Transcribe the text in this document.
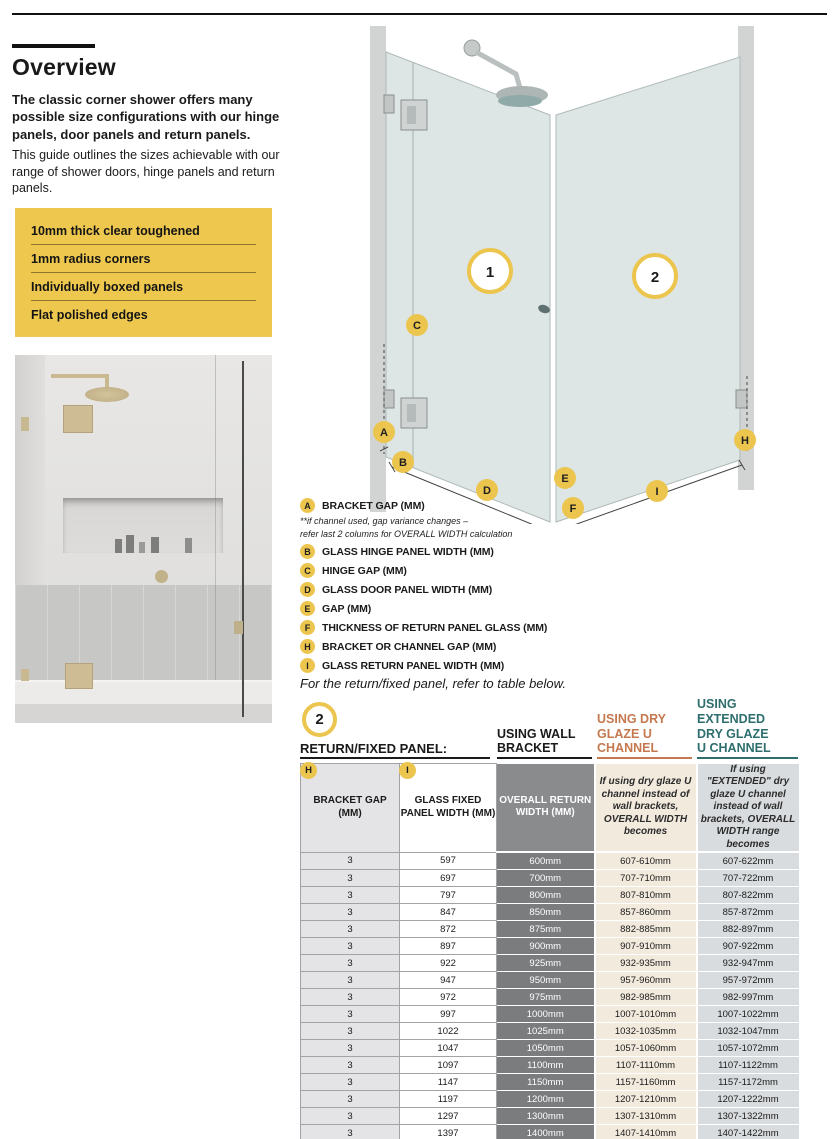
Overview

The classic corner shower offers many possible size configurations with our hinge panels, door panels and return panels.

This guide outlines the sizes achievable with our range of shower doors, hinge panels and return panels.

10mm thick clear toughened
1mm radius corners
Individually boxed panels
Flat polished edges
1	2
A
B
C
D
E
F
H
I
A	BRACKET GAP (MM)
**if channel used, gap variance changes –
refer last 2 columns for OVERALL WIDTH calculation
B	GLASS HINGE PANEL WIDTH (MM)
C	HINGE GAP (MM)
D	GLASS DOOR PANEL WIDTH (MM)
E	GAP (MM)
F	THICKNESS OF RETURN PANEL GLASS (MM)
H	BRACKET OR CHANNEL GAP (MM)
I	GLASS RETURN PANEL WIDTH (MM)
For the return/fixed panel, refer to table below.
2
RETURN/FIXED PANEL:
USING WALL BRACKET
USING DRY GLAZE U CHANNEL
USING EXTENDED DRY GLAZE U CHANNEL
H
BRACKET GAP (MM)	I
GLASS FIXED PANEL WIDTH (MM)	OVERALL RETURN WIDTH (MM)	If using dry glaze U channel instead of wall brackets, OVERALL WIDTH becomes	If using "EXTENDED" dry glaze U channel instead of wall brackets, OVERALL WIDTH range becomes
3	597	600mm	607-610mm	607-622mm
3	697	700mm	707-710mm	707-722mm
3	797	800mm	807-810mm	807-822mm
3	847	850mm	857-860mm	857-872mm
3	872	875mm	882-885mm	882-897mm
3	897	900mm	907-910mm	907-922mm
3	922	925mm	932-935mm	932-947mm
3	947	950mm	957-960mm	957-972mm
3	972	975mm	982-985mm	982-997mm
3	997	1000mm	1007-1010mm	1007-1022mm
3	1022	1025mm	1032-1035mm	1032-1047mm
3	1047	1050mm	1057-1060mm	1057-1072mm
3	1097	1100mm	1107-1110mm	1107-1122mm
3	1147	1150mm	1157-1160mm	1157-1172mm
3	1197	1200mm	1207-1210mm	1207-1222mm
3	1297	1300mm	1307-1310mm	1307-1322mm
3	1397	1400mm	1407-1410mm	1407-1422mm
